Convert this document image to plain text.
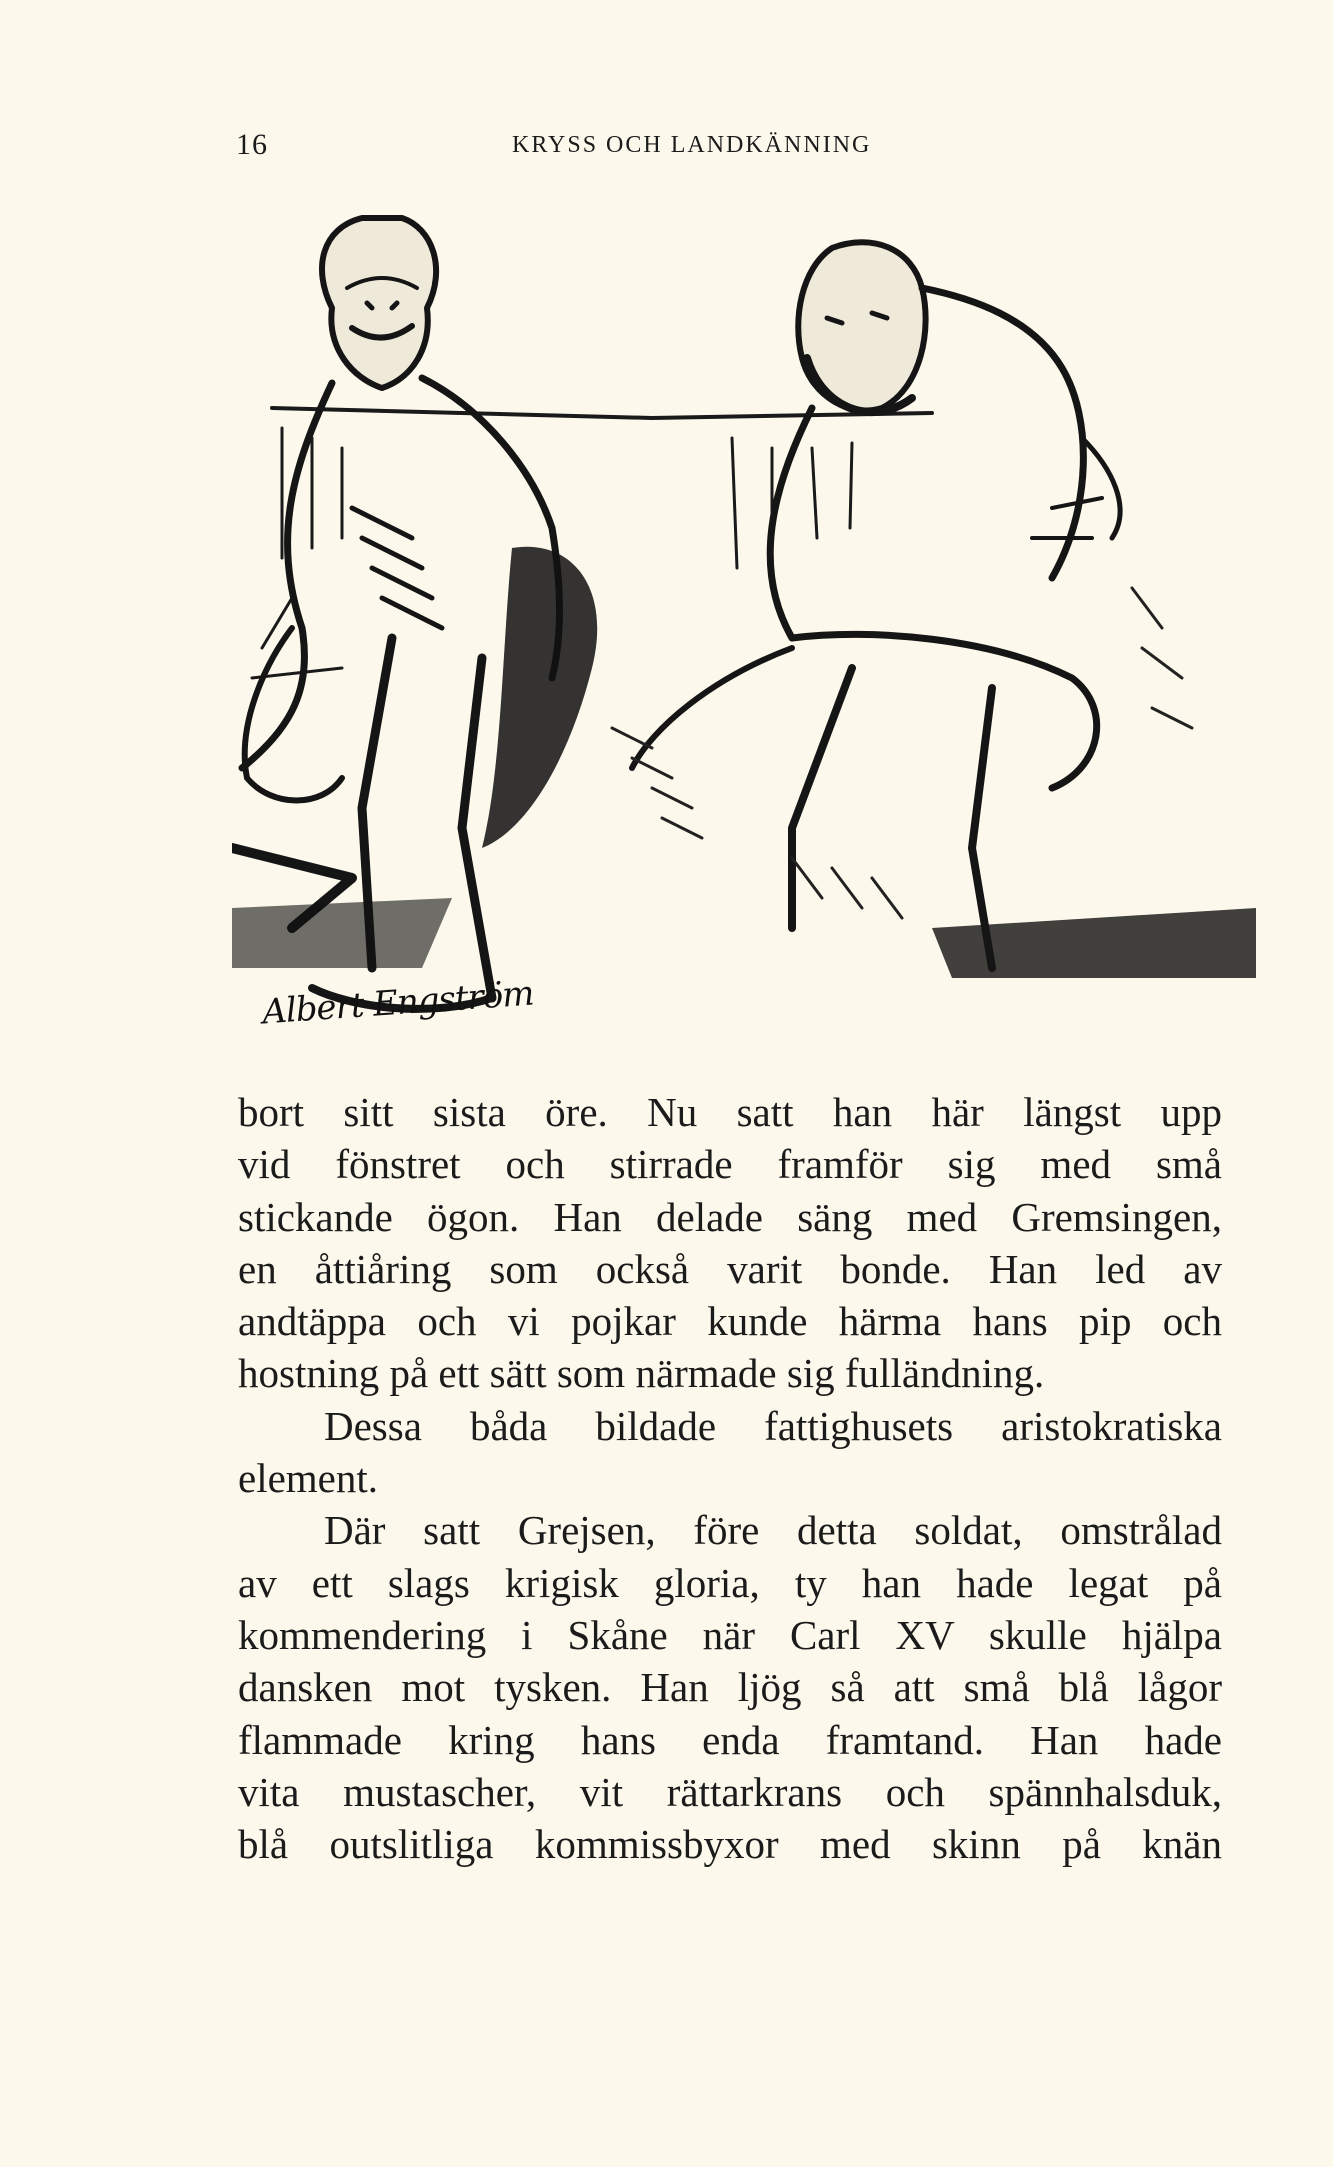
16	KRYSS OCH LANDKÄNNING
Albert Engström
bort sitt sista öre. Nu satt han här längst upp
vid fönstret och stirrade framför sig med små
stickande ögon. Han delade säng med Gremsingen,
en åttiåring som också varit bonde. Han led av
andtäppa och vi pojkar kunde härma hans pip och
hostning på ett sätt som närmade sig fulländning.
Dessa båda bildade fattighusets aristokratiska
element.
Där satt Grejsen, före detta soldat, omstrålad
av ett slags krigisk gloria, ty han hade legat på
kommendering i Skåne när Carl XV skulle hjälpa
dansken mot tysken. Han ljög så att små blå lågor
flammade kring hans enda framtand. Han hade
vita mustascher, vit rättarkrans och spännhalsduk,
blå outslitliga kommissbyxor med skinn på knän
